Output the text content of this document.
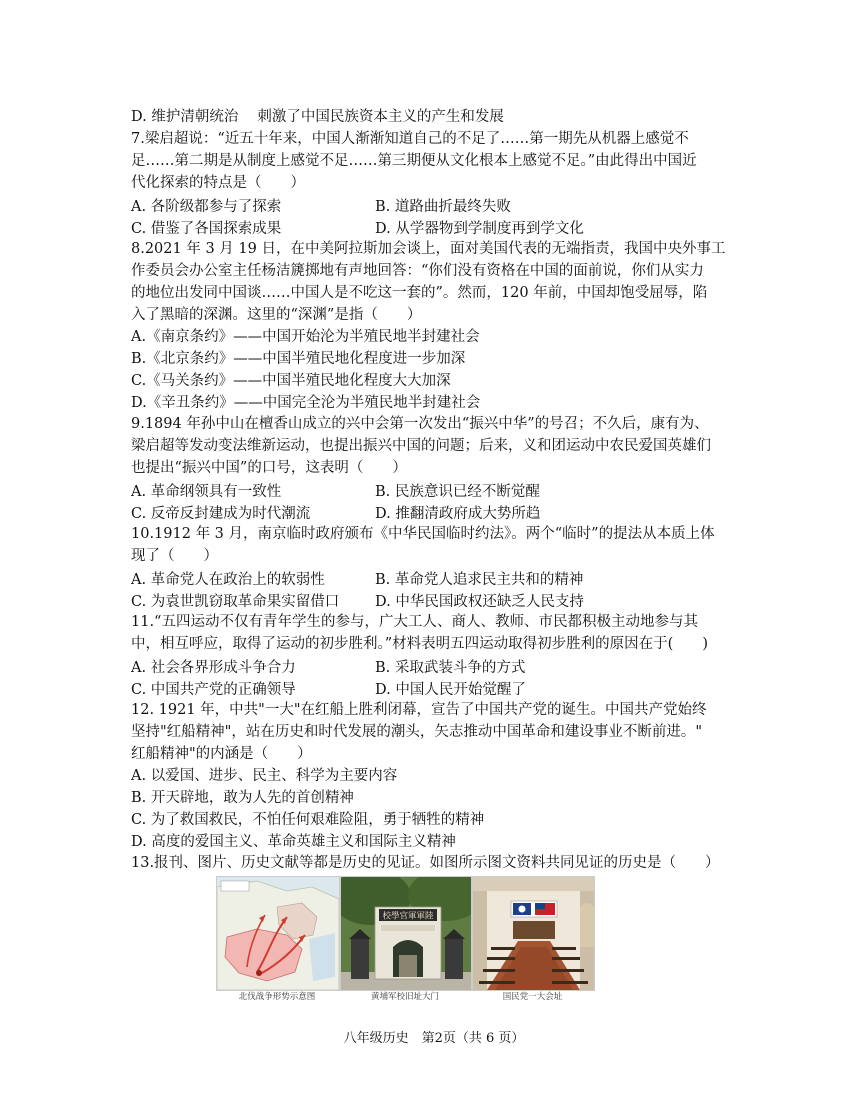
D. 维护清朝统治　 刺激了中国民族资本主义的产生和发展
7.梁启超说：“近五十年来，中国人渐渐知道自己的不足了……第一期先从机器上感觉不
足……第二期是从制度上感觉不足……第三期便从文化根本上感觉不足。”由此得出中国近
代化探索的特点是（　　）
A. 各阶级都参与了探索	B. 道路曲折最终失败
C. 借鉴了各国探索成果	D. 从学器物到学制度再到学文化
8.2021 年 3 月 19 日，在中美阿拉斯加会谈上，面对美国代表的无端指责，我国中央外事工
作委员会办公室主任杨洁篪掷地有声地回答：“你们没有资格在中国的面前说，你们从实力
的地位出发同中国谈……中国人是不吃这一套的”。然而，120 年前，中国却饱受屈辱，陷
入了黑暗的深渊。这里的“深渊”是指（　　）
A.《南京条约》——中国开始沦为半殖民地半封建社会
B.《北京条约》——中国半殖民地化程度进一步加深
C.《马关条约》——中国半殖民地化程度大大加深
D.《辛丑条约》——中国完全沦为半殖民地半封建社会
9.1894 年孙中山在檀香山成立的兴中会第一次发出“振兴中华”的号召；不久后，康有为、
梁启超等发动变法维新运动，也提出振兴中国的问题；后来，义和团运动中农民爱国英雄们
也提出“振兴中国”的口号，这表明（　　）
A. 革命纲领具有一致性	B. 民族意识已经不断觉醒
C. 反帝反封建成为时代潮流	D. 推翻清政府成大势所趋
10.1912 年 3 月，南京临时政府颁布《中华民国临时约法》。两个“临时”的提法从本质上体
现了（　　）
A. 革命党人在政治上的软弱性	B. 革命党人追求民主共和的精神
C. 为袁世凯窃取革命果实留借口 D. 中华民国政权还缺乏人民支持
11.“五四运动不仅有青年学生的参与，广大工人、商人、教师、市民都积极主动地参与其
中，相互呼应，取得了运动的初步胜利。”材料表明五四运动取得初步胜利的原因在于(　　)
A. 社会各界形成斗争合力	B. 采取武装斗争的方式
C. 中国共产党的正确领导	D. 中国人民开始觉醒了
12. 1921 年，中共"一大"在红船上胜利闭幕，宣告了中国共产党的诞生。中国共产党始终
坚持"红船精神"，站在历史和时代发展的潮头，矢志推动中国革命和建设事业不断前进。"
红船精神"的内涵是（　　）
A. 以爱国、进步、民主、科学为主要内容
B. 开天辟地，敢为人先的首创精神
C. 为了救国救民，不怕任何艰难险阻，勇于牺牲的精神
D. 高度的爱国主义、革命英雄主义和国际主义精神
13.报刊、图片、历史文献等都是历史的见证。如图所示图文资料共同见证的历史是（　　）
校學官軍軍陸
北伐战争形势示意图	黄埔军校旧址大门	国民党一大会址
八年级历史　第2页（共 6 页）
